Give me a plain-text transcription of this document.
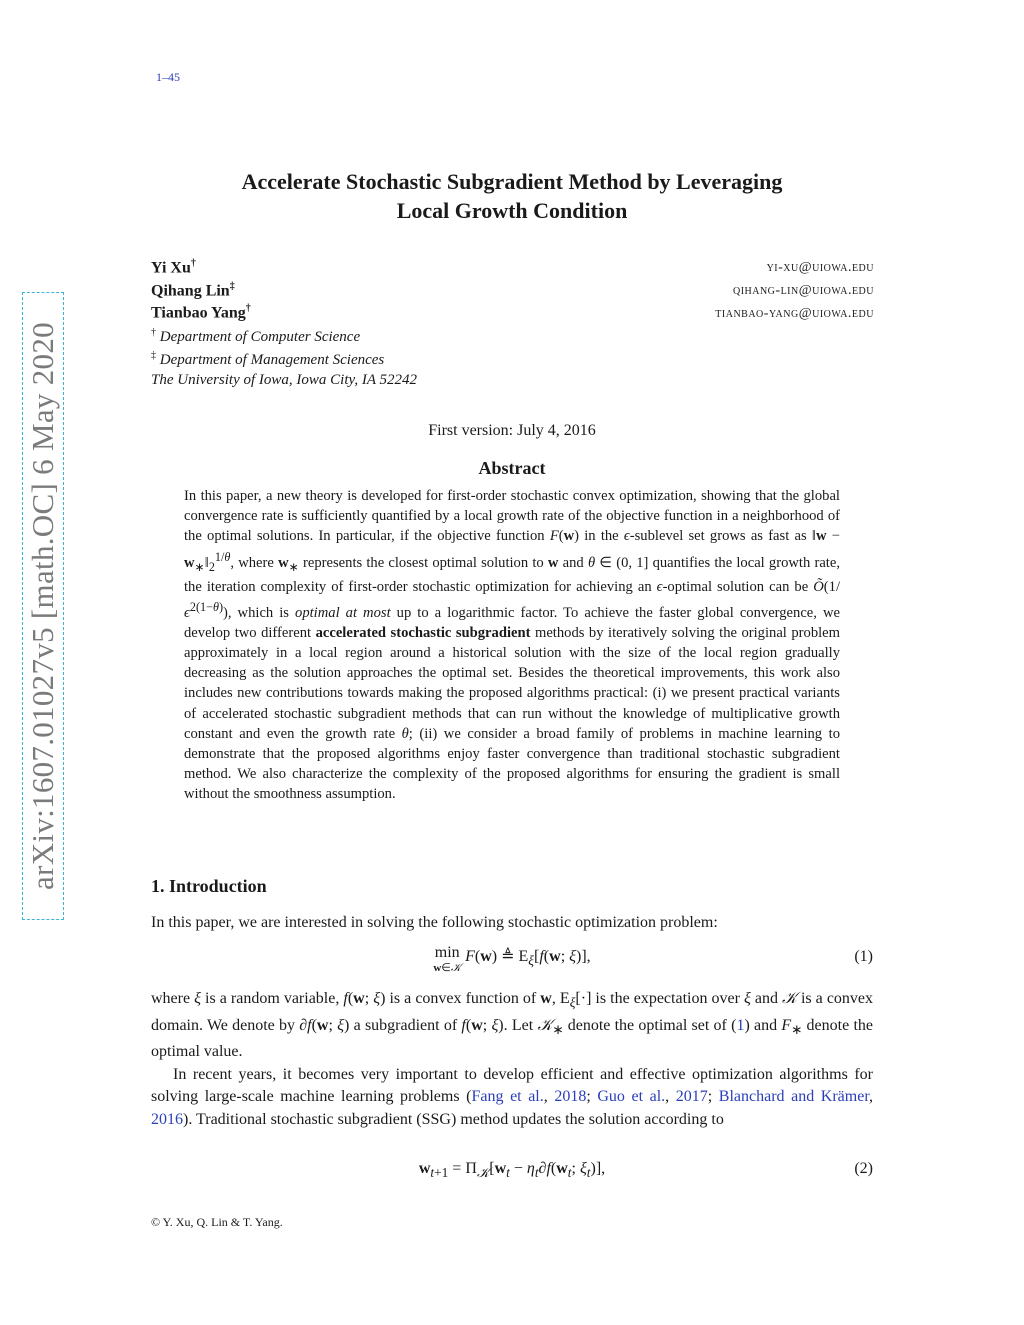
1–45
arXiv:1607.01027v5 [math.OC] 6 May 2020
Accelerate Stochastic Subgradient Method by Leveraging
Local Growth Condition
Yi Xu†	yi-xu@uiowa.edu
Qihang Lin‡	qihang-lin@uiowa.edu
Tianbao Yang†	tianbao-yang@uiowa.edu
† Department of Computer Science
‡ Department of Management Sciences
The University of Iowa, Iowa City, IA 52242
First version: July 4, 2016
Abstract

In this paper, a new theory is developed for first-order stochastic convex optimization, showing that the global convergence rate is sufficiently quantified by a local growth rate of the objective function in a neighborhood of the optimal solutions. In particular, if the objective function F(w) in the ϵ-sublevel set grows as fast as ‖w − $w_∗‖_2^{1/\theta}$, where $w_∗$ represents the closest optimal solution to w and θ ∈ (0, 1] quantifies the local growth rate, the iteration complexity of first-order stochastic optimization for achieving an ϵ-optimal solution can be $Õ(1/\epsilon^{2(1-\theta)})$, which is optimal at most up to a logarithmic factor. To achieve the faster global convergence, we develop two different accelerated stochastic subgradient methods by iteratively solving the original problem approximately in a local region around a historical solution with the size of the local region gradually decreasing as the solution approaches the optimal set. Besides the theoretical improvements, this work also includes new contributions towards making the proposed algorithms practical: (i) we present practical variants of accelerated stochastic subgradient methods that can run without the knowledge of multiplicative growth constant and even the growth rate θ; (ii) we consider a broad family of problems in machine learning to demonstrate that the proposed algorithms enjoy faster convergence than traditional stochastic subgradient method. We also characterize the complexity of the proposed algorithms for ensuring the gradient is small without the smoothness assumption.

1. Introduction
In this paper, we are interested in solving the following stochastic optimization problem:
min
w∈𝒦 F(w) ≜ $E_\xi[f(w$; ξ)],	(1)

where ξ is a random variable, f(w; ξ) is a convex function of w, $E_\xi[\cdot]$ is the expectation over ξ and 𝒦 is a convex domain. We denote by ∂f(w; ξ) a subgradient of f(w; ξ). Let 𝒦$_∗$ denote the optimal set of (1) and $F_∗$ denote the optimal value.

In recent years, it becomes very important to develop efficient and effective optimization algorithms for solving large-scale machine learning problems (Fang et al., 2018; Guo et al., 2017; Blanchard and Krämer, 2016). Traditional stochastic subgradient (SSG) method updates the solution according to

$w_{t+1} = \Pi_𝒦[w_t - \eta_t\partial f(w_t$; $\xi_t$)],	(2)
© Y. Xu, Q. Lin & T. Yang.
